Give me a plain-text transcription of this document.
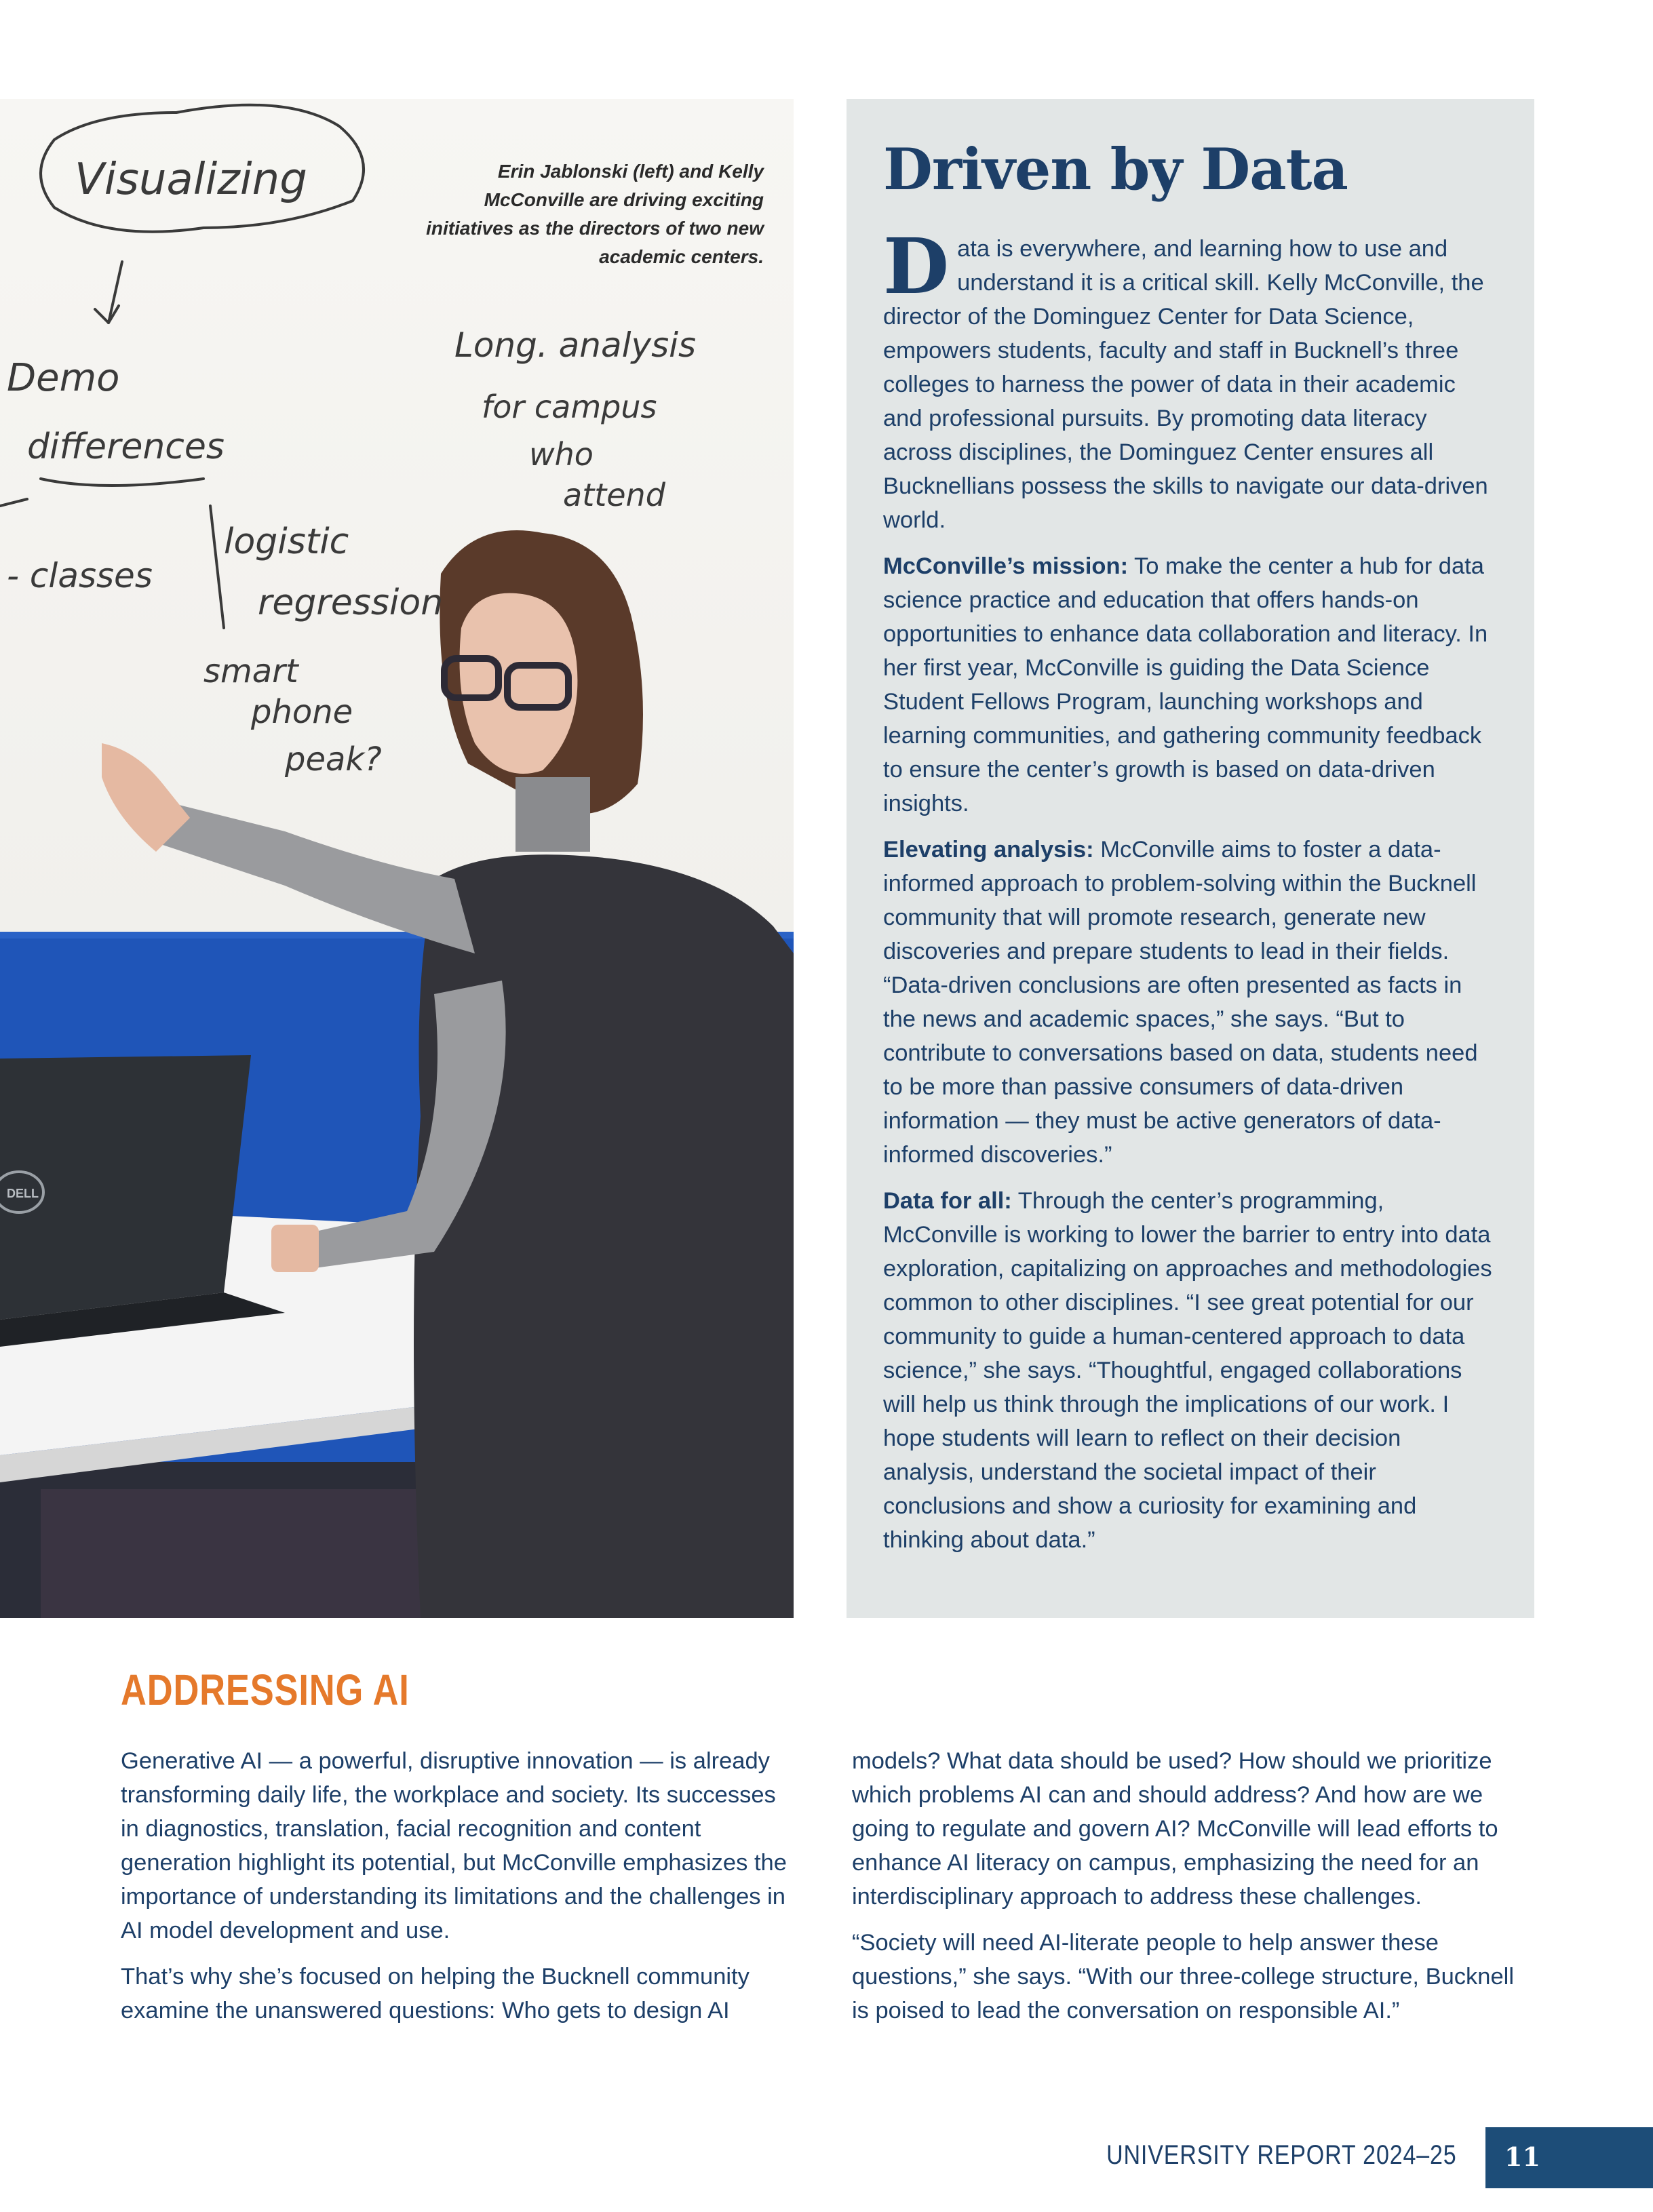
DELL
Visualizing
Demo
differences
Long. analysis
for campus
who
attend
- classes
logistic
regression
smart
phone
peak?
Erin Jablonski (left) and Kelly McConville are driving exciting initiatives as the directors of two new academic centers.
Driven by Data

Data is everywhere, and learning how to use and understand it is a critical skill. Kelly McConville, the director of the Dominguez Center for Data Science, empowers students, faculty and staff in Bucknell’s three colleges to harness the power of data in their academic and professional pursuits. By promoting data literacy across disciplines, the Dominguez Center ensures all Bucknellians possess the skills to navigate our data-driven world.

McConville’s mission: To make the center a hub for data science practice and education that offers hands-on opportunities to enhance data collaboration and literacy. In her first year, McConville is guiding the Data Science Student Fellows Program, launching workshops and learning communities, and gathering community feedback to ensure the center’s growth is based on data-driven insights.

Elevating analysis: McConville aims to foster a data-informed approach to problem-solving within the Bucknell community that will promote research, generate new discoveries and prepare students to lead in their fields. “Data-driven conclusions are often presented as facts in the news and academic spaces,” she says. “But to contribute to conversations based on data, students need to be more than passive consumers of data-driven information — they must be active generators of data-informed discoveries.”

Data for all: Through the center’s programming, McConville is working to lower the barrier to entry into data exploration, capitalizing on approaches and methodologies common to other disciplines. “I see great potential for our community to guide a human-centered approach to data science,” she says. “Thoughtful, engaged collaborations will help us think through the implications of our work. I hope students will learn to reflect on their decision analysis, understand the societal impact of their conclusions and show a curiosity for examining and thinking about data.”

ADDRESSING AI

Generative AI — a powerful, disruptive innovation — is already transforming daily life, the workplace and society. Its successes in diagnostics, translation, facial recognition and content generation highlight its potential, but McConville emphasizes the importance of understanding its limitations and the challenges in AI model development and use.

That’s why she’s focused on helping the Bucknell community examine the unanswered questions: Who gets to design AI

models? What data should be used? How should we prioritize which problems AI can and should address? And how are we going to regulate and govern AI? McConville will lead efforts to enhance AI literacy on campus, emphasizing the need for an interdisciplinary approach to address these challenges.

“Society will need AI-literate people to help answer these questions,” she says. “With our three-college structure, Bucknell is poised to lead the conversation on responsible AI.”

UNIVERSITY REPORT 2024–25 11
